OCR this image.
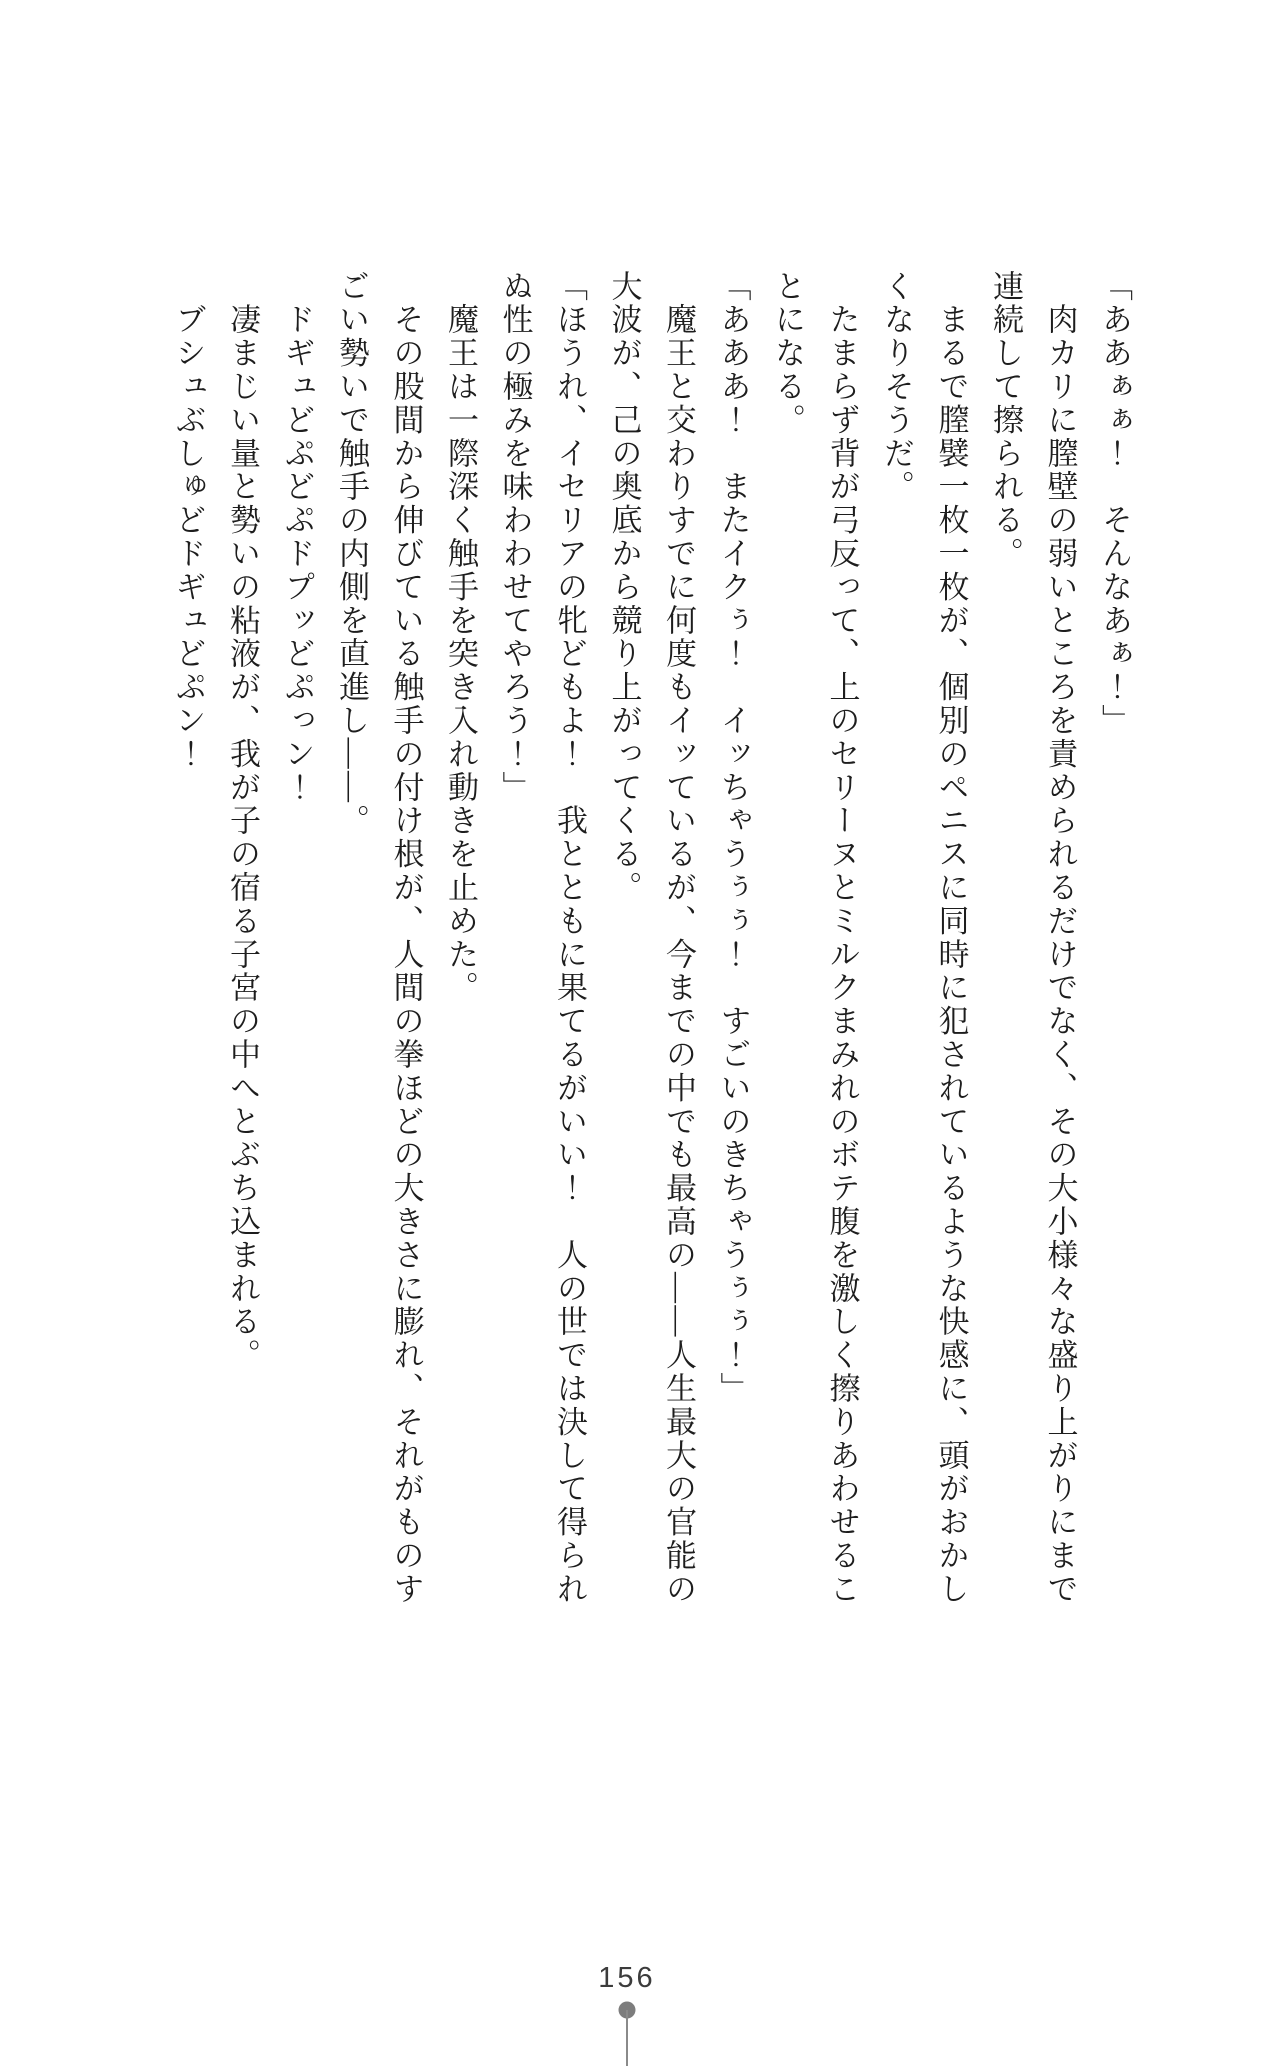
「ああぁぁ！　そんなあぁ！」
　肉カリに膣壁の弱いところを責められるだけでなく、その大小様々な盛り上がりにまで
連続して擦られる。
　まるで膣襞一枚一枚が、個別のペニスに同時に犯されているような快感に、頭がおかし
くなりそうだ。
　たまらず背が弓反って、上のセリーヌとミルクまみれのボテ腹を激しく擦りあわせるこ
とになる。
「あああ！　またイクぅ！　イッちゃうぅぅ！　すごいのきちゃうぅぅ！」
　魔王と交わりすでに何度もイッているが、今までの中でも最高の――人生最大の官能の
大波が、己の奥底から競り上がってくる。
「ほうれ、イセリアの牝どもよ！　我とともに果てるがいい！　人の世では決して得られ
ぬ性の極みを味わわせてやろう！」
　魔王は一際深く触手を突き入れ動きを止めた。
　その股間から伸びている触手の付け根が、人間の拳ほどの大きさに膨れ、それがものす
ごい勢いで触手の内側を直進し――。
　ドギュどぷどぷドプッどぷっン！
　凄まじい量と勢いの粘液が、我が子の宿る子宮の中へとぶち込まれる。
　ブシュぶしゅどドギュどぷン！
156
